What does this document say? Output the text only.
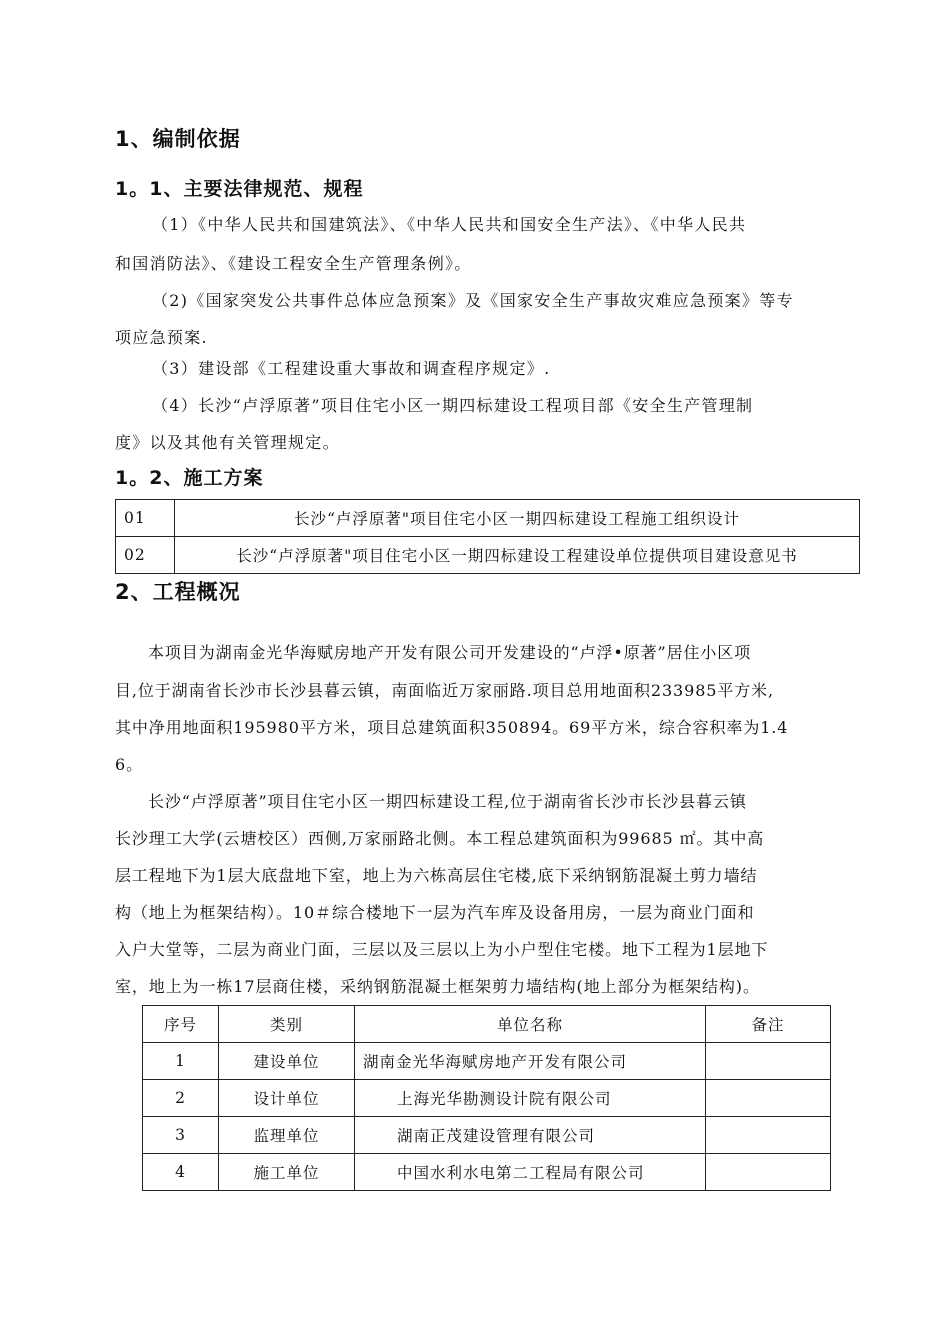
1、编制依据
1。1、主要法律规范、规程
（1）《中华人民共和国建筑法》、《中华人民共和国安全生产法》、《中华人民共
和国消防法》、《建设工程安全生产管理条例》。
（2)《国家突发公共事件总体应急预案》及《国家安全生产事故灾难应急预案》等专
项应急预案.
（3）建设部《工程建设重大事故和调查程序规定》.
（4）长沙“卢浮原著”项目住宅小区一期四标建设工程项目部《安全生产管理制
度》以及其他有关管理规定。
1。2、施工方案
01	长沙“卢浮原著"项目住宅小区一期四标建设工程施工组织设计
02	长沙“卢浮原著"项目住宅小区一期四标建设工程建设单位提供项目建设意见书
2、工程概况
本项目为湖南金光华海赋房地产开发有限公司开发建设的“卢浮•原著”居住小区项
目,位于湖南省长沙市长沙县暮云镇，南面临近万家丽路.项目总用地面积233985平方米,
其中净用地面积195980平方米，项目总建筑面积350894。69平方米，综合容积率为1.4
6。
长沙“卢浮原著”项目住宅小区一期四标建设工程,位于湖南省长沙市长沙县暮云镇
长沙理工大学(云塘校区）西侧,万家丽路北侧。本工程总建筑面积为99685 ㎡。其中高
层工程地下为1层大底盘地下室，地上为六栋高层住宅楼,底下采纳钢筋混凝土剪力墙结
构（地上为框架结构）。10＃综合楼地下一层为汽车库及设备用房，一层为商业门面和
入户大堂等，二层为商业门面，三层以及三层以上为小户型住宅楼。地下工程为1层地下
室，地上为一栋17层商住楼，采纳钢筋混凝土框架剪力墙结构(地上部分为框架结构)。
序号	类别	单位名称	备注
1	建设单位	湖南金光华海赋房地产开发有限公司	
2	设计单位	上海光华勘测设计院有限公司	
3	监理单位	湖南正茂建设管理有限公司	
4	施工单位	中国水利水电第二工程局有限公司	
